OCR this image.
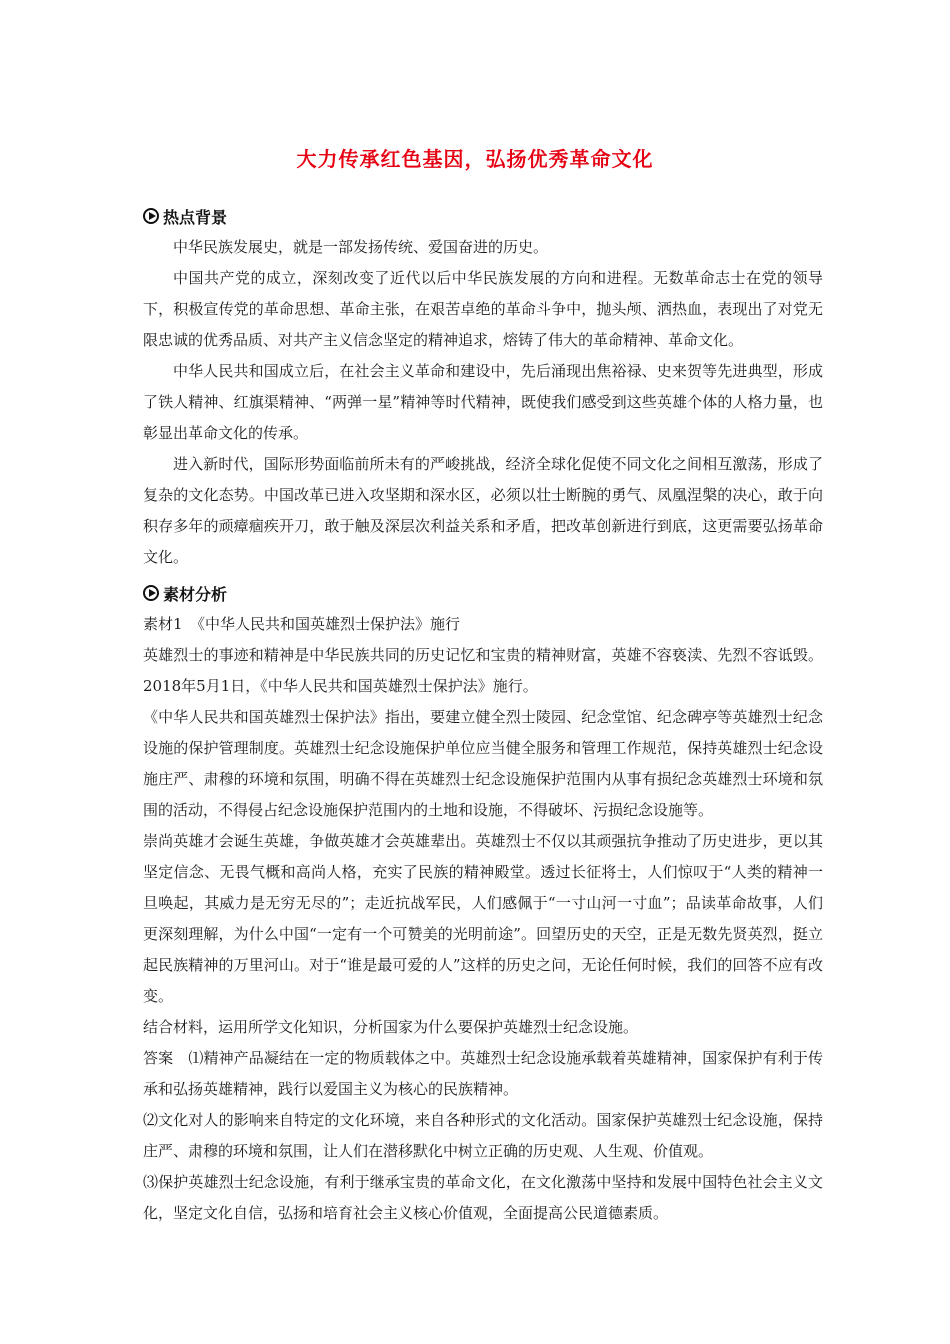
大力传承红色基因，弘扬优秀革命文化
热点背景

中华民族发展史，就是一部发扬传统、爱国奋进的历史。

中国共产党的成立，深刻改变了近代以后中华民族发展的方向和进程。无数革命志士在党的领导下，积极宣传党的革命思想、革命主张，在艰苦卓绝的革命斗争中，抛头颅、洒热血，表现出了对党无限忠诚的优秀品质、对共产主义信念坚定的精神追求，熔铸了伟大的革命精神、革命文化。

中华人民共和国成立后，在社会主义革命和建设中，先后涌现出焦裕禄、史来贺等先进典型，形成了铁人精神、红旗渠精神、“两弹一星”精神等时代精神，既使我们感受到这些英雄个体的人格力量，也彰显出革命文化的传承。

进入新时代，国际形势面临前所未有的严峻挑战，经济全球化促使不同文化之间相互激荡，形成了复杂的文化态势。中国改革已进入攻坚期和深水区，必须以壮士断腕的勇气、凤凰涅槃的决心，敢于向积存多年的顽瘴痼疾开刀，敢于触及深层次利益关系和矛盾，把改革创新进行到底，这更需要弘扬革命文化。

素材分析

素材1　《中华人民共和国英雄烈士保护法》施行

英雄烈士的事迹和精神是中华民族共同的历史记忆和宝贵的精神财富，英雄不容亵渎、先烈不容诋毁。2018年5月1日，《中华人民共和国英雄烈士保护法》施行。

《中华人民共和国英雄烈士保护法》指出，要建立健全烈士陵园、纪念堂馆、纪念碑亭等英雄烈士纪念设施的保护管理制度。英雄烈士纪念设施保护单位应当健全服务和管理工作规范，保持英雄烈士纪念设施庄严、肃穆的环境和氛围，明确不得在英雄烈士纪念设施保护范围内从事有损纪念英雄烈士环境和氛围的活动，不得侵占纪念设施保护范围内的土地和设施，不得破坏、污损纪念设施等。

崇尚英雄才会诞生英雄，争做英雄才会英雄辈出。英雄烈士不仅以其顽强抗争推动了历史进步，更以其坚定信念、无畏气概和高尚人格，充实了民族的精神殿堂。透过长征将士，人们惊叹于“人类的精神一旦唤起，其威力是无穷无尽的”；走近抗战军民，人们感佩于“一寸山河一寸血”；品读革命故事，人们更深刻理解，为什么中国“一定有一个可赞美的光明前途”。回望历史的天空，正是无数先贤英烈，挺立起民族精神的万里河山。对于“谁是最可爱的人”这样的历史之问，无论任何时候，我们的回答不应有改变。

结合材料，运用所学文化知识，分析国家为什么要保护英雄烈士纪念设施。

答案　⑴精神产品凝结在一定的物质载体之中。英雄烈士纪念设施承载着英雄精神，国家保护有利于传承和弘扬英雄精神，践行以爱国主义为核心的民族精神。

⑵文化对人的影响来自特定的文化环境，来自各种形式的文化活动。国家保护英雄烈士纪念设施，保持庄严、肃穆的环境和氛围，让人们在潜移默化中树立正确的历史观、人生观、价值观。

⑶保护英雄烈士纪念设施，有利于继承宝贵的革命文化，在文化激荡中坚持和发展中国特色社会主义文化，坚定文化自信，弘扬和培育社会主义核心价值观，全面提高公民道德素质。
